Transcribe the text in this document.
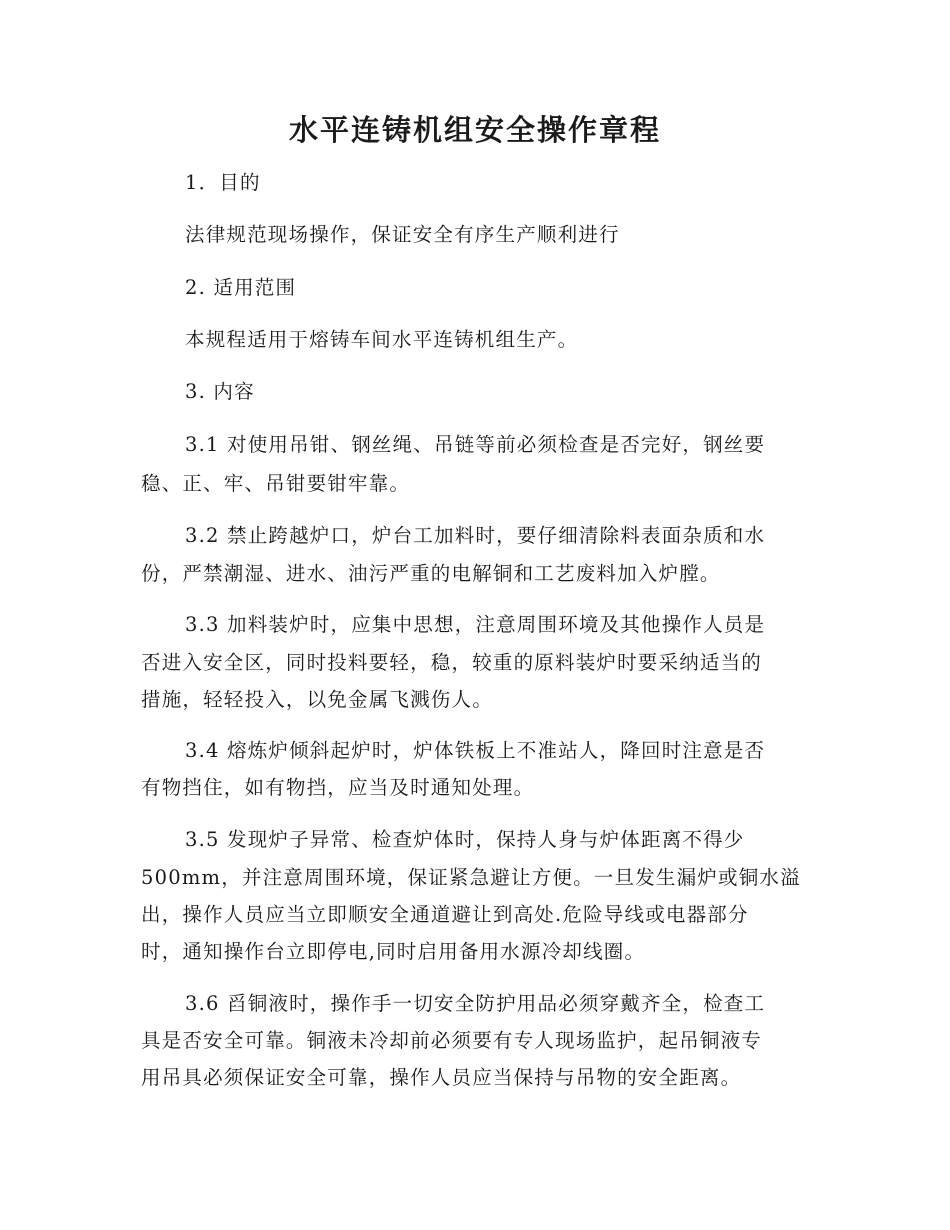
水平连铸机组安全操作章程
1．目的
法律规范现场操作，保证安全有序生产顺利进行
2. 适用范围
本规程适用于熔铸车间水平连铸机组生产。
3. 内容
3.1 对使用吊钳、钢丝绳、吊链等前必须检查是否完好，钢丝要
稳、正、牢、吊钳要钳牢靠。
3.2 禁止跨越炉口，炉台工加料时，要仔细清除料表面杂质和水
份，严禁潮湿、进水、油污严重的电解铜和工艺废料加入炉膛。
3.3 加料装炉时，应集中思想，注意周围环境及其他操作人员是
否进入安全区，同时投料要轻，稳，较重的原料装炉时要采纳适当的
措施，轻轻投入，以免金属飞溅伤人。
3.4 熔炼炉倾斜起炉时，炉体铁板上不准站人，降回时注意是否
有物挡住，如有物挡，应当及时通知处理。
3.5 发现炉子异常、检查炉体时，保持人身与炉体距离不得少
500mm，并注意周围环境，保证紧急避让方便。一旦发生漏炉或铜水溢
出，操作人员应当立即顺安全通道避让到高处.危险导线或电器部分
时，通知操作台立即停电,同时启用备用水源冷却线圈。
3.6 舀铜液时，操作手一切安全防护用品必须穿戴齐全，检查工
具是否安全可靠。铜液未冷却前必须要有专人现场监护，起吊铜液专
用吊具必须保证安全可靠，操作人员应当保持与吊物的安全距离。
